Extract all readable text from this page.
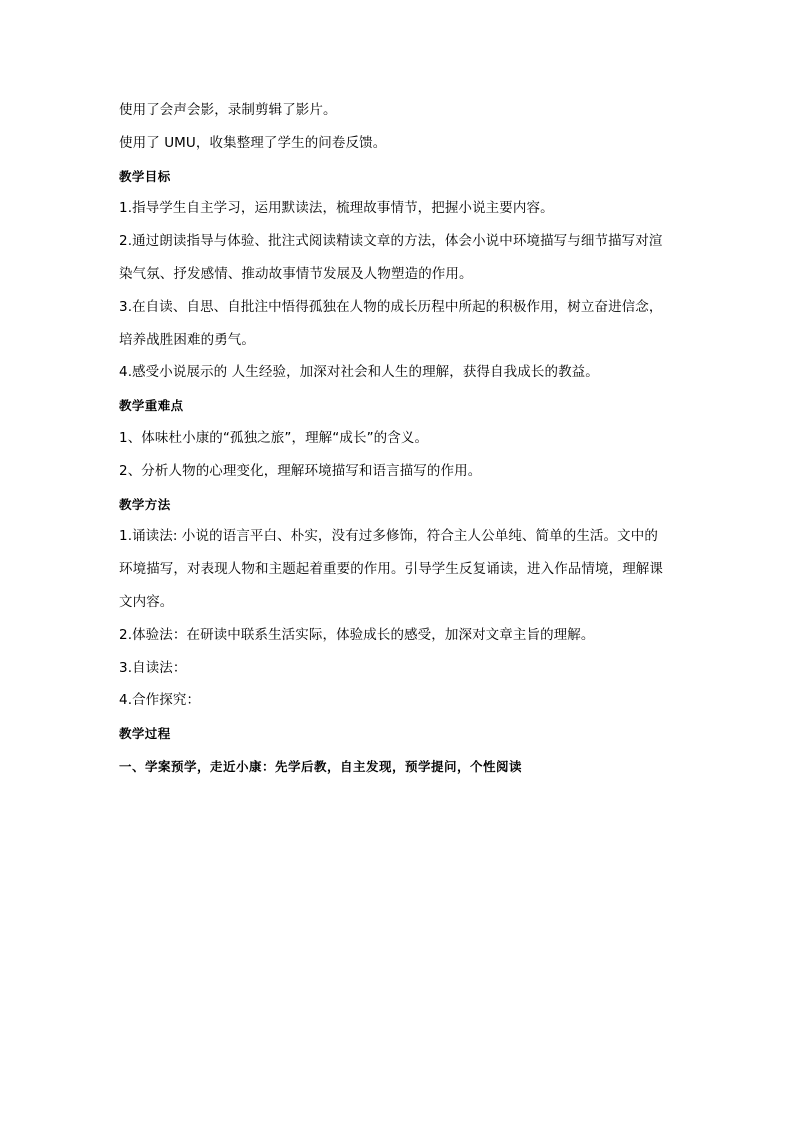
使用了会声会影，录制剪辑了影片。
使用了 UMU，收集整理了学生的问卷反馈。
教学目标
1.指导学生自主学习，运用默读法，梳理故事情节，把握小说主要内容。
2.通过朗读指导与体验、批注式阅读精读文章的方法，体会小说中环境描写与细节描写对渲
染气氛、抒发感情、推动故事情节发展及人物塑造的作用。
3.在自读、自思、自批注中悟得孤独在人物的成长历程中所起的积极作用，树立奋进信念，
培养战胜困难的勇气。
4.感受小说展示的 人生经验，加深对社会和人生的理解，获得自我成长的教益。
教学重难点
1、体味杜小康的“孤独之旅”，理解“成长”的含义。
2、分析人物的心理变化，理解环境描写和语言描写的作用。
教学方法
1.诵读法: 小说的语言平白、朴实，没有过多修饰，符合主人公单纯、简单的生活。文中的
环境描写，对表现人物和主题起着重要的作用。引导学生反复诵读，进入作品情境，理解课
文内容。
2.体验法：在研读中联系生活实际，体验成长的感受，加深对文章主旨的理解。
3.自读法：
4.合作探究：
教学过程
一、学案预学，走近小康：先学后教，自主发现，预学提问，个性阅读
